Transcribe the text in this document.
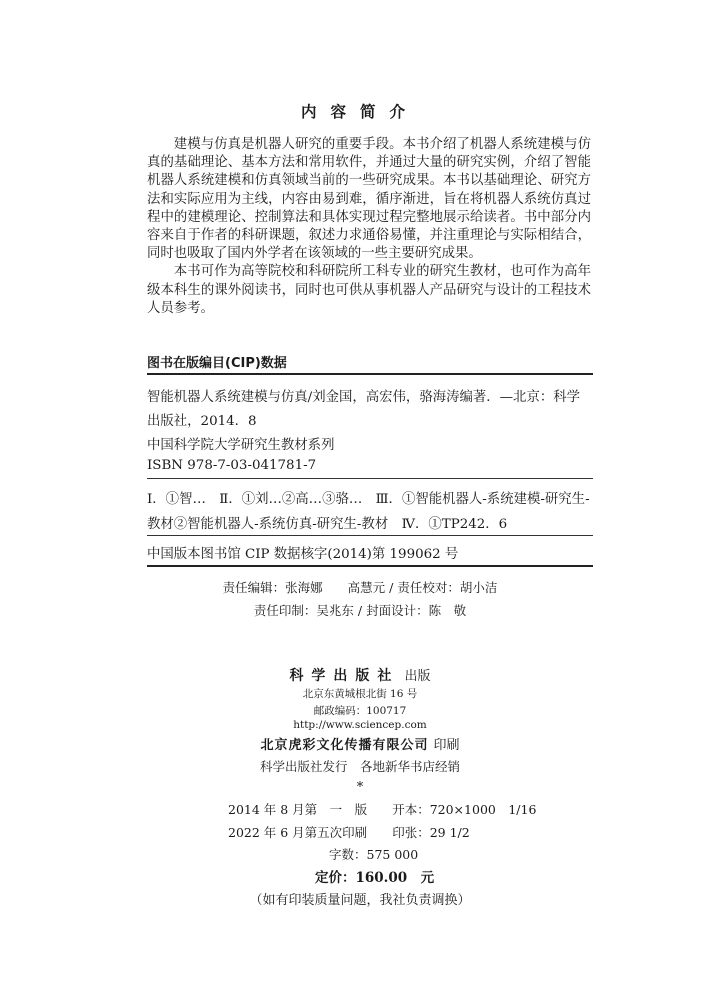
内容简介

建模与仿真是机器人研究的重要手段。本书介绍了机器人系统建模与仿真的基础理论、基本方法和常用软件，并通过大量的研究实例，介绍了智能机器人系统建模和仿真领域当前的一些研究成果。本书以基础理论、研究方法和实际应用为主线，内容由易到难，循序渐进，旨在将机器人系统仿真过程中的建模理论、控制算法和具体实现过程完整地展示给读者。书中部分内容来自于作者的科研课题，叙述力求通俗易懂，并注重理论与实际相结合，同时也吸取了国内外学者在该领域的一些主要研究成果。

本书可作为高等院校和科研院所工科专业的研究生教材，也可作为高年级本科生的课外阅读书，同时也可供从事机器人产品研究与设计的工程技术人员参考。

图书在版编目(CIP)数据
智能机器人系统建模与仿真/刘金国，高宏伟，骆海涛编著．—北京：科学
出版社，2014．8
中国科学院大学研究生教材系列
ISBN 978-7-03-041781-7
Ⅰ．①智…　Ⅱ．①刘…②高…③骆…　Ⅲ．①智能机器人-系统建模-研究生-
教材②智能机器人-系统仿真-研究生-教材　Ⅳ．①TP242．6
中国版本图书馆 CIP 数据核字(2014)第 199062 号
责任编辑：张海娜　　高慧元 / 责任校对：胡小洁
责任印制：吴兆东 / 封面设计：陈　敬
科学出版社 出版
北京东黄城根北街 16 号
邮政编码：100717
http://www.sciencep.com
北京虎彩文化传播有限公司 印刷
科学出版社发行　各地新华书店经销
*
2014 年 8 月第　一　版　　 开本：720×1000　1/16
2022 年 6 月第五次印刷　　 印张：29 1/2
字数：575 000
定价：160.00　元
（如有印装质量问题，我社负责调换）
